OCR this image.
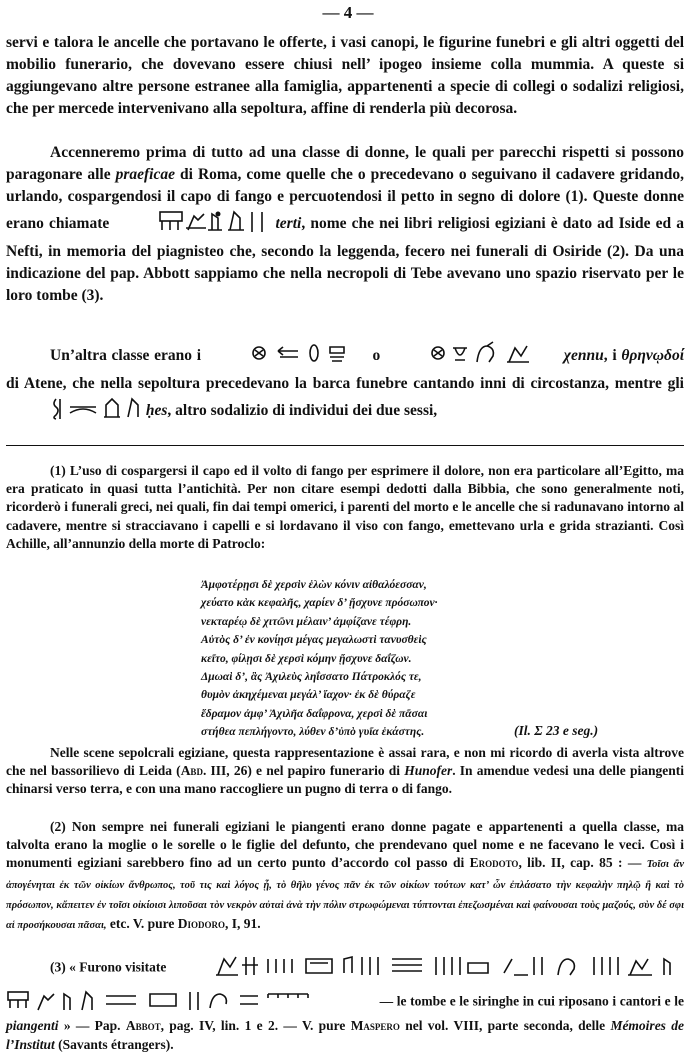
— 4 —

servi e talora le ancelle che portavano le offerte, i vasi canopi, le figurine funebri e gli altri oggetti del mobilio funerario, che dovevano essere chiusi nell’ ipogeo insieme colla mummia. A queste si aggiungevano altre persone estranee alla famiglia, appartenenti a specie di collegi o sodalizi religiosi, che per mercede intervenivano alla sepoltura, affine di renderla più decorosa.

Accenneremo prima di tutto ad una classe di donne, le quali per parecchi rispetti si possono paragonare alle praeficae di Roma, come quelle che o precedevano o seguivano il cadavere gridando, urlando, cospargendosi il capo di fango e percuotendosi il petto in segno di dolore (1). Queste donne erano chiamate	terti, nome che nei libri religiosi egiziani è dato ad Iside ed a Nefti, in memoria del piagnisteo che, secondo la leggenda, fecero nei funerali di Osiride (2). Da una indicazione del pap. Abbott sappiamo che nella necropoli di Tebe avevano uno spazio riservato per le loro tombe (3).

Un’altra classe erano i	o	χennu, i θρηνῳδοί di Atene, che nella sepoltura precedevano la barca funebre cantando inni di circostanza, mentre gli  ḥes, altro sodalizio di individui dei due sessi,

(1) L’uso di cospargersi il capo ed il volto di fango per esprimere il dolore, non era particolare all’Egitto, ma era praticato in quasi tutta l’antichità. Per non citare esempi dedotti dalla Bibbia, che sono generalmente noti, ricorderò i funerali greci, nei quali, fin dai tempi omerici, i parenti del morto e le ancelle che si radunavano intorno al cadavere, mentre si stracciavano i capelli e si lordavano il viso con fango, emettevano urla e grida strazianti. Così Achille, all’annunzio della morte di Patroclo:

Ἀμφοτέρῃσι δὲ χερσὶν ἑλὼν κόνιν αἰθαλόεσσαν,
χεύατο κὰκ κεφαλῆς, χαρίεν δ’ ᾔσχυνε πρόσωπον·
νεκταρέῳ δὲ χιτῶνι μέλαιν’ ἀμφίζανε τέφρη.
Αὐτὸς δ’ ἐν κονίῃσι μέγας μεγαλωστὶ τανυσθεὶς
κεῖτο, φίλῃσι δὲ χερσὶ κόμην ᾔσχυνε δαΐζων.
Δμωαὶ δ’, ἃς Ἀχιλεὺς ληΐσσατο Πάτροκλός τε,
θυμὸν ἀκηχέμεναι μεγάλ’ ἴαχον· ἐκ δὲ θύραζε
ἔδραμον ἀμφ’ Ἀχιλῆα δαΐφρονα, χερσὶ δὲ πᾶσαι
στήθεα πεπλήγοντο, λύθεν δ’ὑπὸ γυῖα ἑκάστης.	(Il. Σ 23 e seg.)

Nelle scene sepolcrali egiziane, questa rappresentazione è assai rara, e non mi ricordo di averla vista altrove che nel bassorilievo di Leida (Abd. III, 26) e nel papiro funerario di Hunofer. In amendue vedesi una delle piangenti chinarsi verso terra, e con una mano raccogliere un pugno di terra o di fango.

(2) Non sempre nei funerali egiziani le piangenti erano donne pagate e appartenenti a quella classe, ma talvolta erano la moglie o le sorelle o le figlie del defunto, che prendevano quel nome e ne facevano le veci. Così i monumenti egiziani sarebbero fino ad un certo punto d’accordo col passo di Erodoto, lib. II, cap. 85 : — Τοῖσι ἂν ἀπογένηται ἐκ τῶν οἰκίων ἄνθρωπος, τοῦ τις καὶ λόγος ᾖ, τὸ θῆλυ γένος πᾶν ἐκ τῶν οἰκίων τούτων κατ’ ὦν ἐπλάσατο τὴν κεφαλὴν πηλῷ ἢ καὶ τὸ πρόσωπον, κἄπειτεν ἐν τοῖσι οἰκίοισι λιποῦσαι τὸν νεκρὸν αὐταὶ ἀνὰ τὴν πόλιν στρωφώμεναι τύπτονται ἐπεζωσμέναι καὶ φαίνουσαι τοὺς μαζούς, σὺν δέ σφι αἱ προσήκουσαι πᾶσαι, etc. V. pure Diodoro, I, 91.

(3) « Furono visitate

— le tombe e le siringhe in cui riposano i cantori e le piangenti » — Pap. Abbot, pag. IV, lin. 1 e 2. — V. pure Maspero nel vol. VIII, parte seconda, delle Mémoires de l’Institut (Savants étrangers).
